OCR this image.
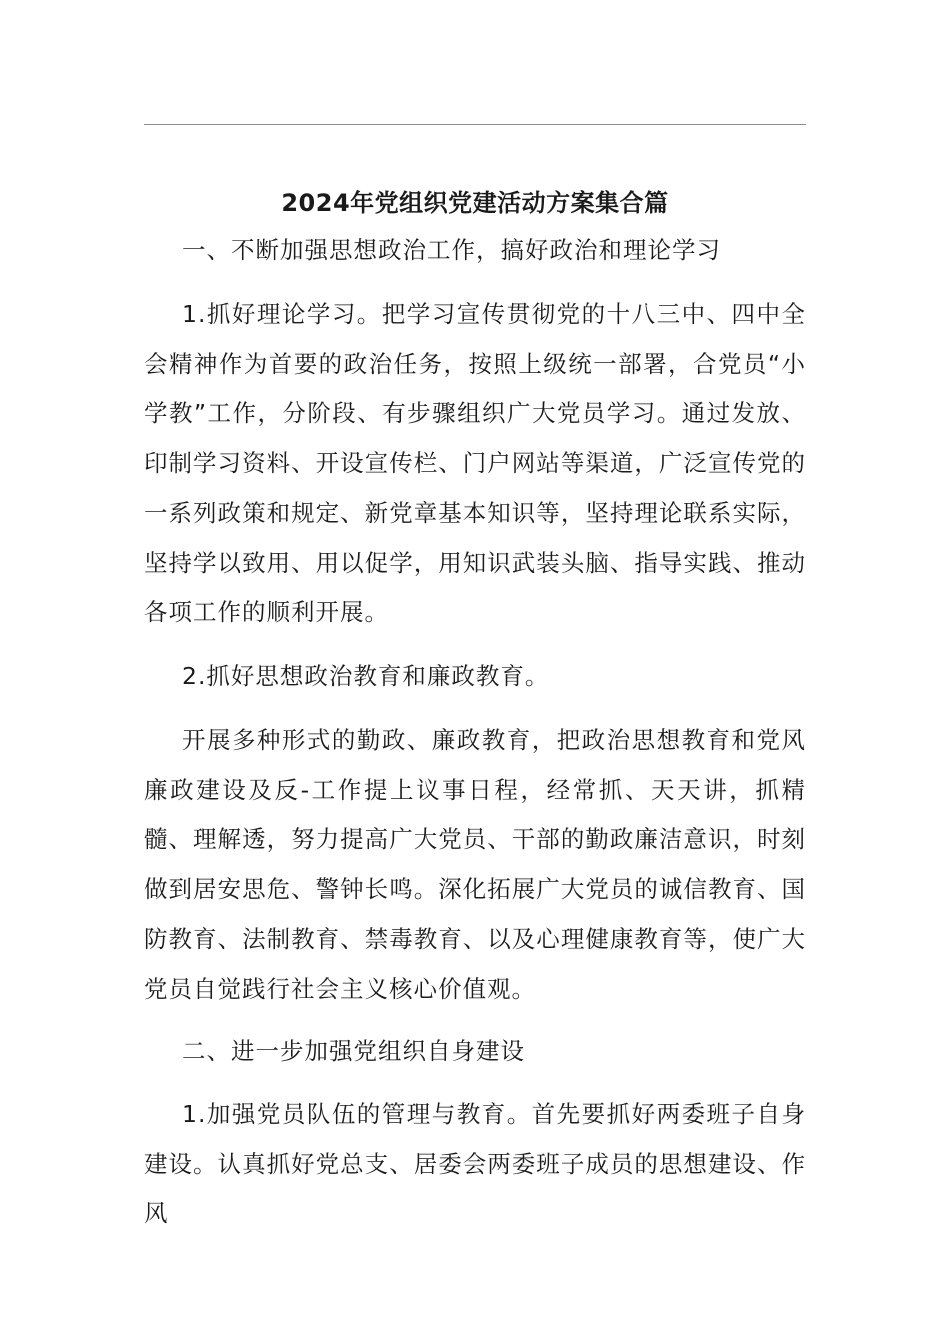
2024年党组织党建活动方案集合篇

一、不断加强思想政治工作，搞好政治和理论学习

1.抓好理论学习。把学习宣传贯彻党的十八三中、四中全会精神作为首要的政治任务，按照上级统一部署，合党员“小学教”工作，分阶段、有步骤组织广大党员学习。通过发放、印制学习资料、开设宣传栏、门户网站等渠道，广泛宣传党的一系列政策和规定、新党章基本知识等，坚持理论联系实际，坚持学以致用、用以促学，用知识武装头脑、指导实践、推动各项工作的顺利开展。

2.抓好思想政治教育和廉政教育。

开展多种形式的勤政、廉政教育，把政治思想教育和党风廉政建设及反-工作提上议事日程，经常抓、天天讲，抓精髓、理解透，努力提高广大党员、干部的勤政廉洁意识，时刻做到居安思危、警钟长鸣。深化拓展广大党员的诚信教育、国防教育、法制教育、禁毒教育、以及心理健康教育等，使广大党员自觉践行社会主义核心价值观。

二、进一步加强党组织自身建设

1.加强党员队伍的管理与教育。首先要抓好两委班子自身建设。认真抓好党总支、居委会两委班子成员的思想建设、作风
